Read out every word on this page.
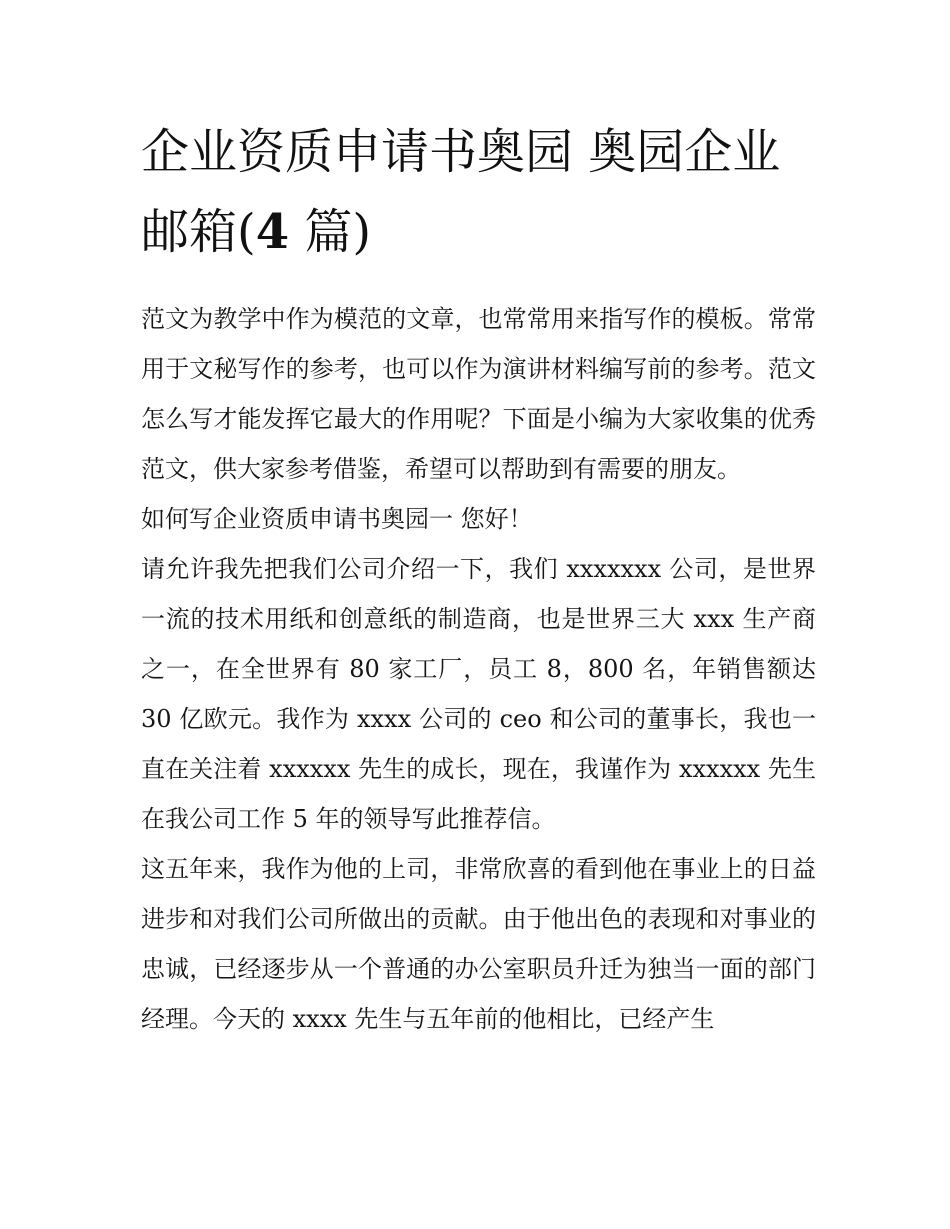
企业资质申请书奥园 奥园企业邮箱(4 篇)

范文为教学中作为模范的文章，也常常用来指写作的模板。常常用于文秘写作的参考，也可以作为演讲材料编写前的参考。范文怎么写才能发挥它最大的作用呢？下面是小编为大家收集的优秀范文，供大家参考借鉴，希望可以帮助到有需要的朋友。

如何写企业资质申请书奥园一 您好！

请允许我先把我们公司介绍一下，我们 xxxxxxx 公司，是世界一流的技术用纸和创意纸的制造商，也是世界三大 xxx 生产商之一，在全世界有 80 家工厂，员工 8，800 名，年销售额达 30 亿欧元。我作为 xxxx 公司的 ceo 和公司的董事长，我也一直在关注着 xxxxxx 先生的成长，现在，我谨作为 xxxxxx 先生在我公司工作 5 年的领导写此推荐信。

这五年来，我作为他的上司，非常欣喜的看到他在事业上的日益进步和对我们公司所做出的贡献。由于他出色的表现和对事业的忠诚，已经逐步从一个普通的办公室职员升迁为独当一面的部门经理。今天的 xxxx 先生与五年前的他相比，已经产生
